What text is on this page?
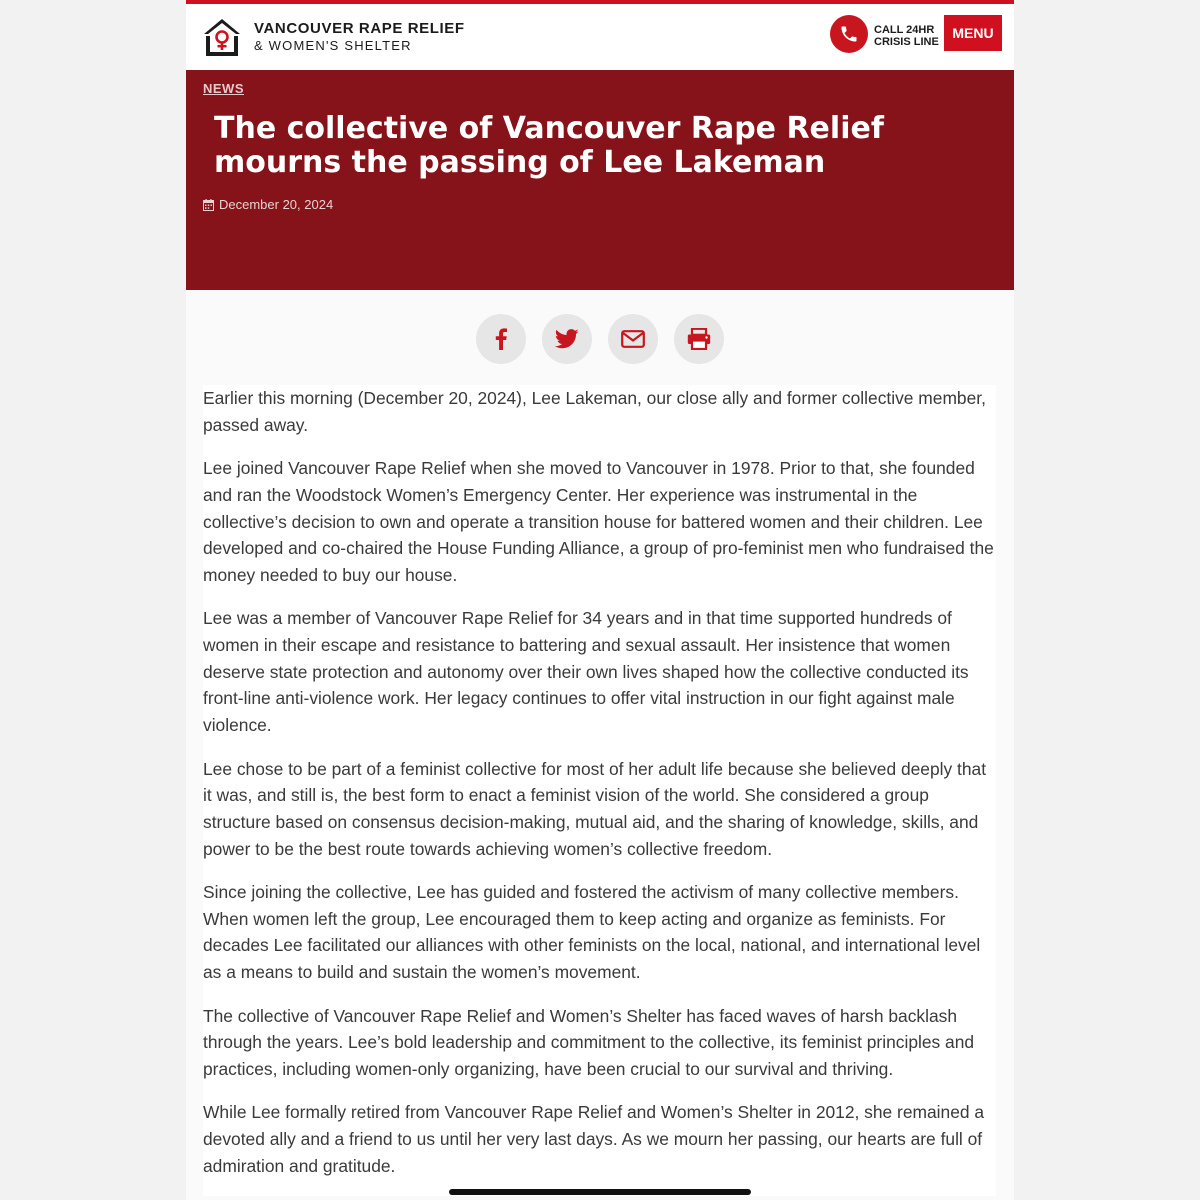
VANCOUVER RAPE RELIEF
& WOMEN'S SHELTER
CALL 24HR
CRISIS LINE
MENU
NEWS
The collective of Vancouver Rape Relief mourns the passing of Lee Lakeman
December 20, 2024

Earlier this morning (December 20, 2024), Lee Lakeman, our close ally and former collective member, passed away.

Lee joined Vancouver Rape Relief when she moved to Vancouver in 1978. Prior to that, she founded and ran the Woodstock Women’s Emergency Center. Her experience was instrumental in the collective’s decision to own and operate a transition house for battered women and their children. Lee developed and co-chaired the House Funding Alliance, a group of pro-feminist men who fundraised the money needed to buy our house.

Lee was a member of Vancouver Rape Relief for 34 years and in that time supported hundreds of women in their escape and resistance to battering and sexual assault. Her insistence that women deserve state protection and autonomy over their own lives shaped how the collective conducted its front-line anti-violence work. Her legacy continues to offer vital instruction in our fight against male violence.

Lee chose to be part of a feminist collective for most of her adult life because she believed deeply that it was, and still is, the best form to enact a feminist vision of the world. She considered a group structure based on consensus decision-making, mutual aid, and the sharing of knowledge, skills, and power to be the best route towards achieving women’s collective freedom.

Since joining the collective, Lee has guided and fostered the activism of many collective members. When women left the group, Lee encouraged them to keep acting and organize as feminists. For decades Lee facilitated our alliances with other feminists on the local, national, and international level as a means to build and sustain the women’s movement.

The collective of Vancouver Rape Relief and Women’s Shelter has faced waves of harsh backlash through the years. Lee’s bold leadership and commitment to the collective, its feminist principles and practices, including women-only organizing, have been crucial to our survival and thriving.

While Lee formally retired from Vancouver Rape Relief and Women’s Shelter in 2012, she remained a devoted ally and a friend to us until her very last days. As we mourn her passing, our hearts are full of admiration and gratitude.
